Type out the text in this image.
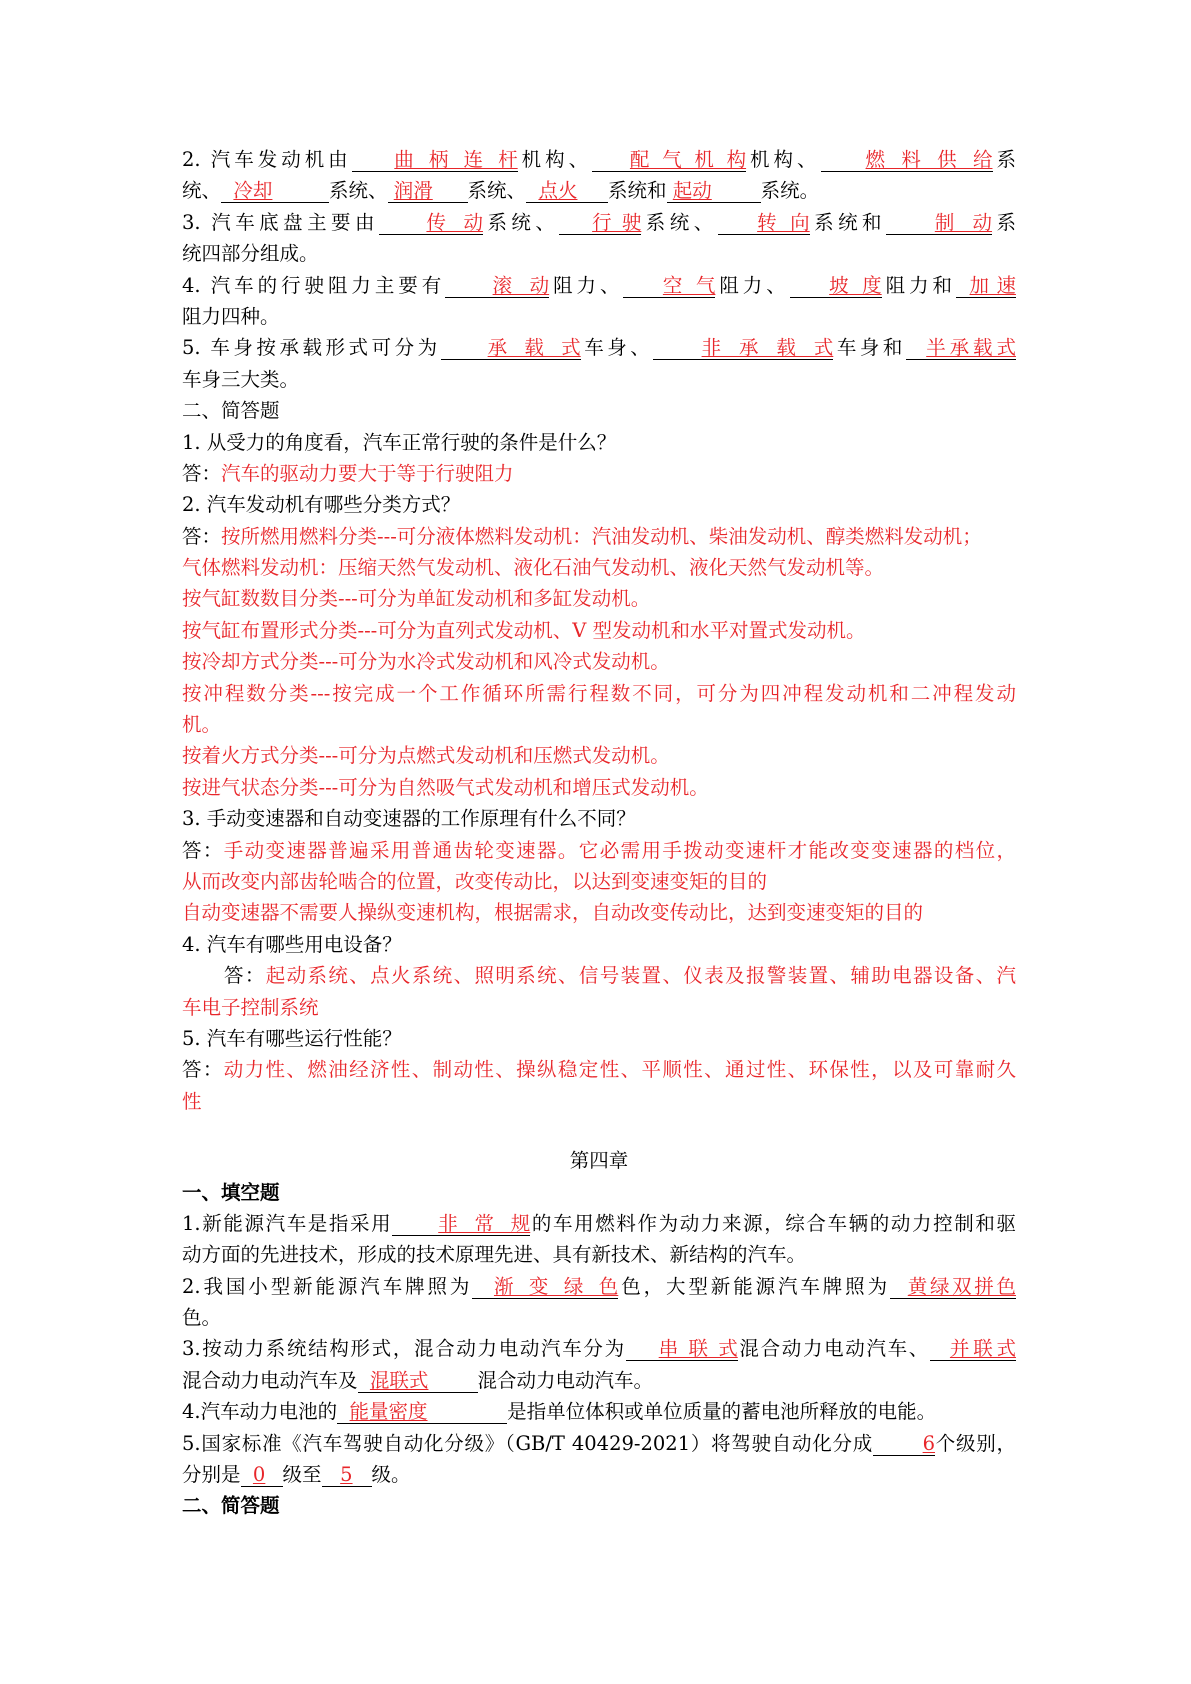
2. 汽车发动机由 曲柄连杆机构、 配气机构机构、 燃料供给系
统、 冷却	系统、 润滑 系统、 点火 系统和 起动	系统。
3. 汽车底盘主要由 传动系统、 行驶系统、 转向系统和	制动系
统四部分组成。
4. 汽车的行驶阻力主要有 滚动阻力、 空气阻力、 坡度阻力和 加速
阻力四种。
5. 车身按承载形式可分为 承载式车身、 非承载式车身和 半承载式
车身三大类。
二、简答题
1. 从受力的角度看，汽车正常行驶的条件是什么？
答：汽车的驱动力要大于等于行驶阻力
2. 汽车发动机有哪些分类方式？
答：按所燃用燃料分类---可分液体燃料发动机：汽油发动机、柴油发动机、醇类燃料发动机；
气体燃料发动机：压缩天然气发动机、液化石油气发动机、液化天然气发动机等。
按气缸数数目分类---可分为单缸发动机和多缸发动机。
按气缸布置形式分类---可分为直列式发动机、V 型发动机和水平对置式发动机。
按冷却方式分类---可分为水冷式发动机和风冷式发动机。
按冲程数分类---按完成一个工作循环所需行程数不同，可分为四冲程发动机和二冲程发动
机。
按着火方式分类---可分为点燃式发动机和压燃式发动机。
按进气状态分类---可分为自然吸气式发动机和增压式发动机。
3. 手动变速器和自动变速器的工作原理有什么不同？
答：手动变速器普遍采用普通齿轮变速器。它必需用手拨动变速杆才能改变变速器的档位，
从而改变内部齿轮啮合的位置，改变传动比，以达到变速变矩的目的
自动变速器不需要人操纵变速机构，根据需求，自动改变传动比，达到变速变矩的目的
4. 汽车有哪些用电设备？
答：起动系统、点火系统、照明系统、信号装置、仪表及报警装置、辅助电器设备、汽
车电子控制系统
5. 汽车有哪些运行性能？
答：动力性、燃油经济性、制动性、操纵稳定性、平顺性、通过性、环保性，以及可靠耐久
性
第四章
一、填空题
1.新能源汽车是指采用 非常规的车用燃料作为动力来源，综合车辆的动力控制和驱
动方面的先进技术，形成的技术原理先进、具有新技术、新结构的汽车。
2.我国小型新能源汽车牌照为 渐变绿色色，大型新能源汽车牌照为 黄绿双拼色
色。
3.按动力系统结构形式，混合动力电动汽车分为 串联式混合动力电动汽车、 并联式
混合动力电动汽车及 混联式	混合动力电动汽车。
4.汽车动力电池的 能量密度	是指单位体积或单位质量的蓄电池所释放的电能。
5.国家标准《汽车驾驶自动化分级》（GB/T 40429-2021）将驾驶自动化分成	6个级别，
分别是 0 级至 5 级。
二、简答题
